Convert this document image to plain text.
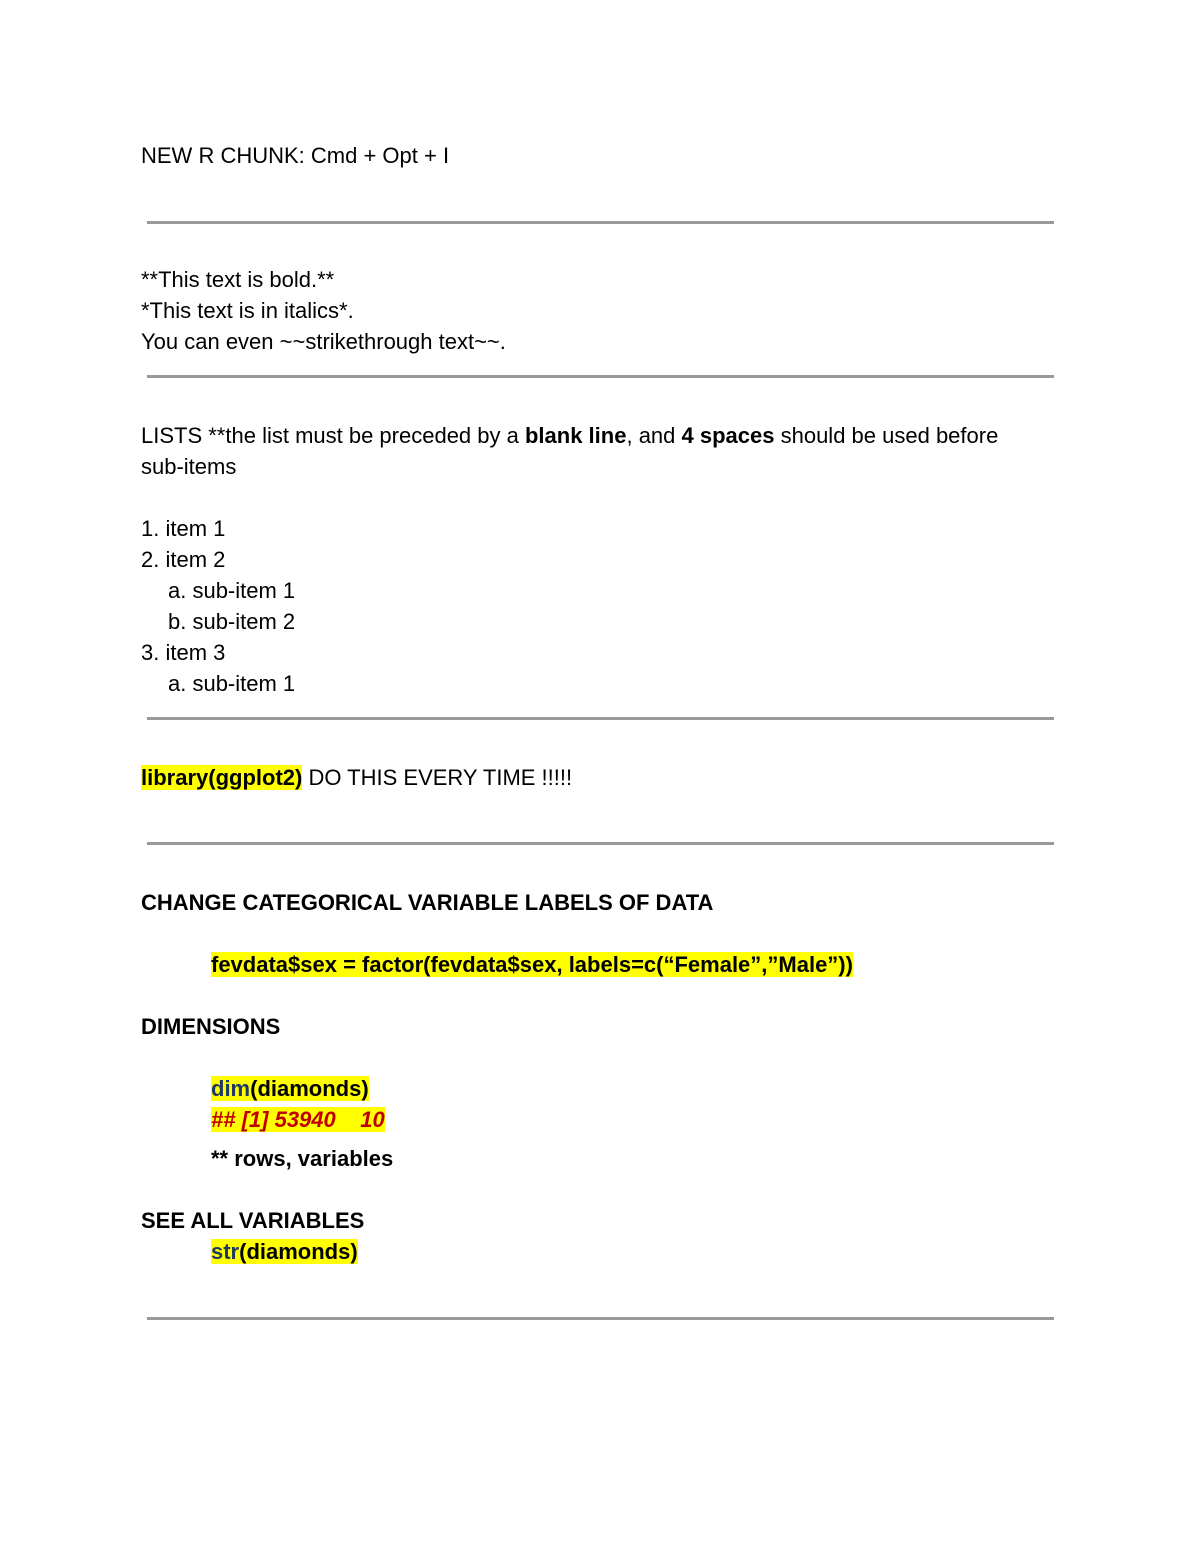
NEW R CHUNK: Cmd + Opt + I
**This text is bold.**
*This text is in italics*.
You can even ~~strikethrough text~~.
LISTS **the list must be preceded by a blank line, and 4 spaces should be used before
sub-items
1. item 1
2. item 2
a. sub-item 1
b. sub-item 2
3. item 3
a. sub-item 1
library(ggplot2) DO THIS EVERY TIME !!!!!
CHANGE CATEGORICAL VARIABLE LABELS OF DATA
fevdata$sex = factor(fevdata$sex, labels=c(“Female”,”Male”))
DIMENSIONS
dim(diamonds)
## [1] 53940    10
** rows, variables
SEE ALL VARIABLES
str(diamonds)
